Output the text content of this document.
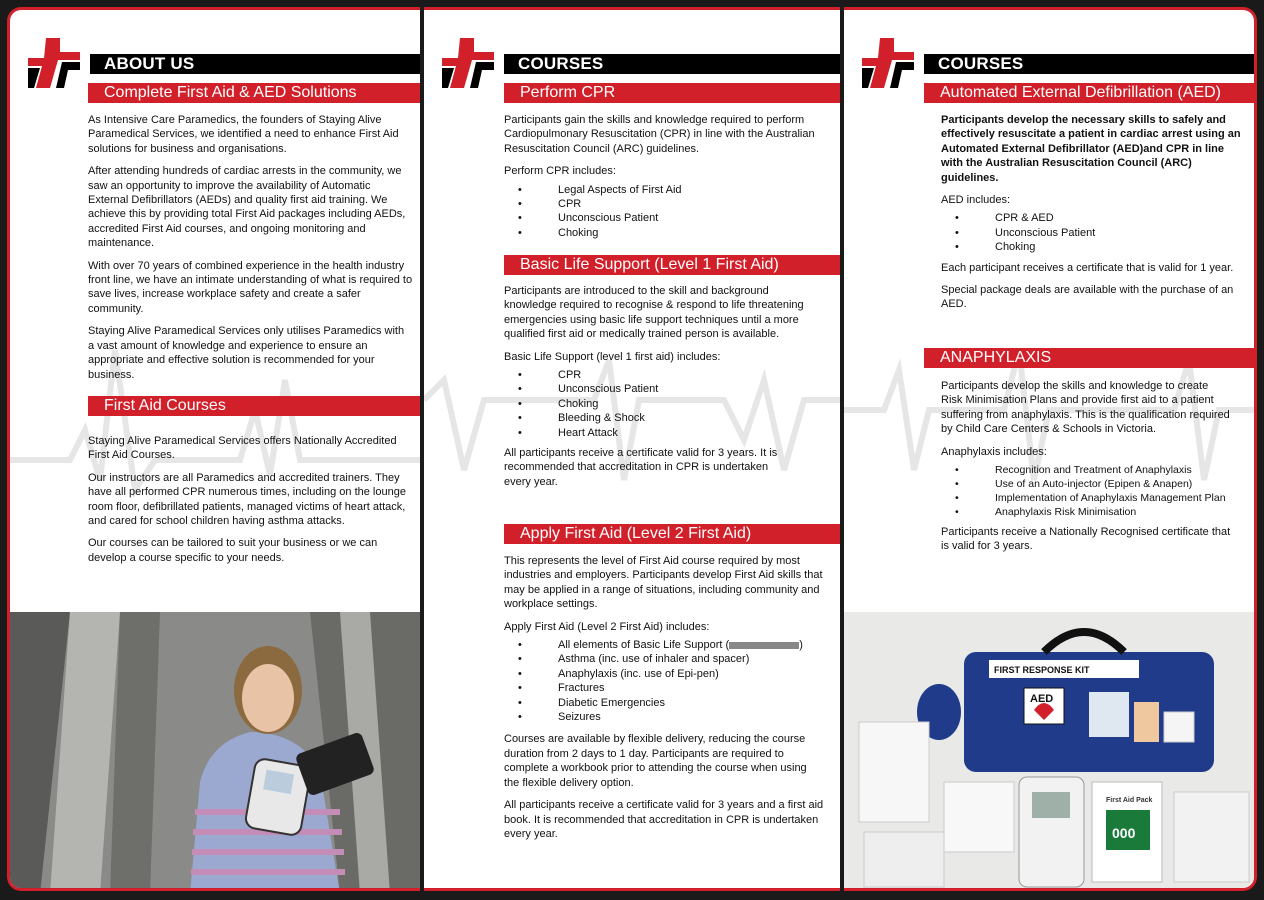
ABOUT US
Complete First Aid & AED Solutions

As Intensive Care Paramedics, the founders of Staying Alive Paramedical Services, we identified a need to enhance First Aid solutions for business and organisations.

After attending hundreds of cardiac arrests in the community, we saw an opportunity to improve the availability of Automatic External Defibrillators (AEDs) and quality first aid training. We achieve this by providing total First Aid packages including AEDs, accredited First Aid courses, and ongoing monitoring and maintenance.

With over 70 years of combined experience in the health industry front line, we have an intimate understanding of what is required to save lives, increase workplace safety and create a safer community.

Staying Alive Paramedical Services only utilises Paramedics with a vast amount of knowledge and experience to ensure an appropriate and effective solution is recommended for your business.

First Aid Courses

Staying Alive Paramedical Services offers Nationally Accredited First Aid Courses.

Our instructors are all Paramedics and accredited trainers. They have all performed CPR numerous times, including on the lounge room floor, defibrillated patients, managed victims of heart attack, and cared for school children having asthma attacks.

Our courses can be tailored to suit your business or we can develop a course specific to your needs.

COURSES
Perform CPR

Participants gain the skills and knowledge required to perform Cardiopulmonary Resuscitation (CPR) in line with the Australian Resuscitation Council (ARC) guidelines.

Perform CPR includes:

• Legal Aspects of First Aid
• CPR
• Unconscious Patient
• Choking
Basic Life Support (Level 1 First Aid)

Participants are introduced to the skill and background knowledge required to recognise & respond to life threatening emergencies using basic life support techniques until a more qualified first aid or medically trained person is available.

Basic Life Support (level 1 first aid) includes:

• CPR
• Unconscious Patient
• Choking
• Bleeding & Shock
• Heart Attack

All participants receive a certificate valid for 3 years. It is recommended that accreditation in CPR is undertaken every year.

Apply First Aid (Level 2 First Aid)

This represents the level of First Aid course required by most industries and employers. Participants develop First Aid skills that may be applied in a range of situations, including community and workplace settings.

Apply First Aid (Level 2 First Aid) includes:

• All elements of Basic Life Support (	)
• Asthma (inc. use of inhaler and spacer)
• Anaphylaxis (inc. use of Epi-pen)
• Fractures
• Diabetic Emergencies
• Seizures

Courses are available by flexible delivery, reducing the course duration from 2 days to 1 day. Participants are required to complete a workbook prior to attending the course when using the flexible delivery option.

All participants receive a certificate valid for 3 years and a first aid book. It is recommended that accreditation in CPR is undertaken every year.

COURSES
Automated External Defibrillation (AED)

Participants develop the necessary skills to safely and effectively resuscitate a patient in cardiac arrest using an Automated External Defibrillator (AED)and CPR in line with the Australian Resuscitation Council (ARC) guidelines.

AED includes:

• CPR & AED
• Unconscious Patient
• Choking

Each participant receives a certificate that is valid for 1 year.

Special package deals are available with the purchase of an AED.

ANAPHYLAXIS

Participants develop the skills and knowledge to create Risk Minimisation Plans and provide first aid to a patient suffering from anaphylaxis. This is the qualification required by Child Care Centers & Schools in Victoria.

Anaphylaxis includes:

• Recognition and Treatment of Anaphylaxis
• Use of an Auto-injector (Epipen & Anapen)
• Implementation of Anaphylaxis Management Plan
• Anaphylaxis Risk Minimisation

Participants receive a Nationally Recognised certificate that is valid for 3 years.

FIRST RESPONSE KIT
AED
First Aid Pack
000
